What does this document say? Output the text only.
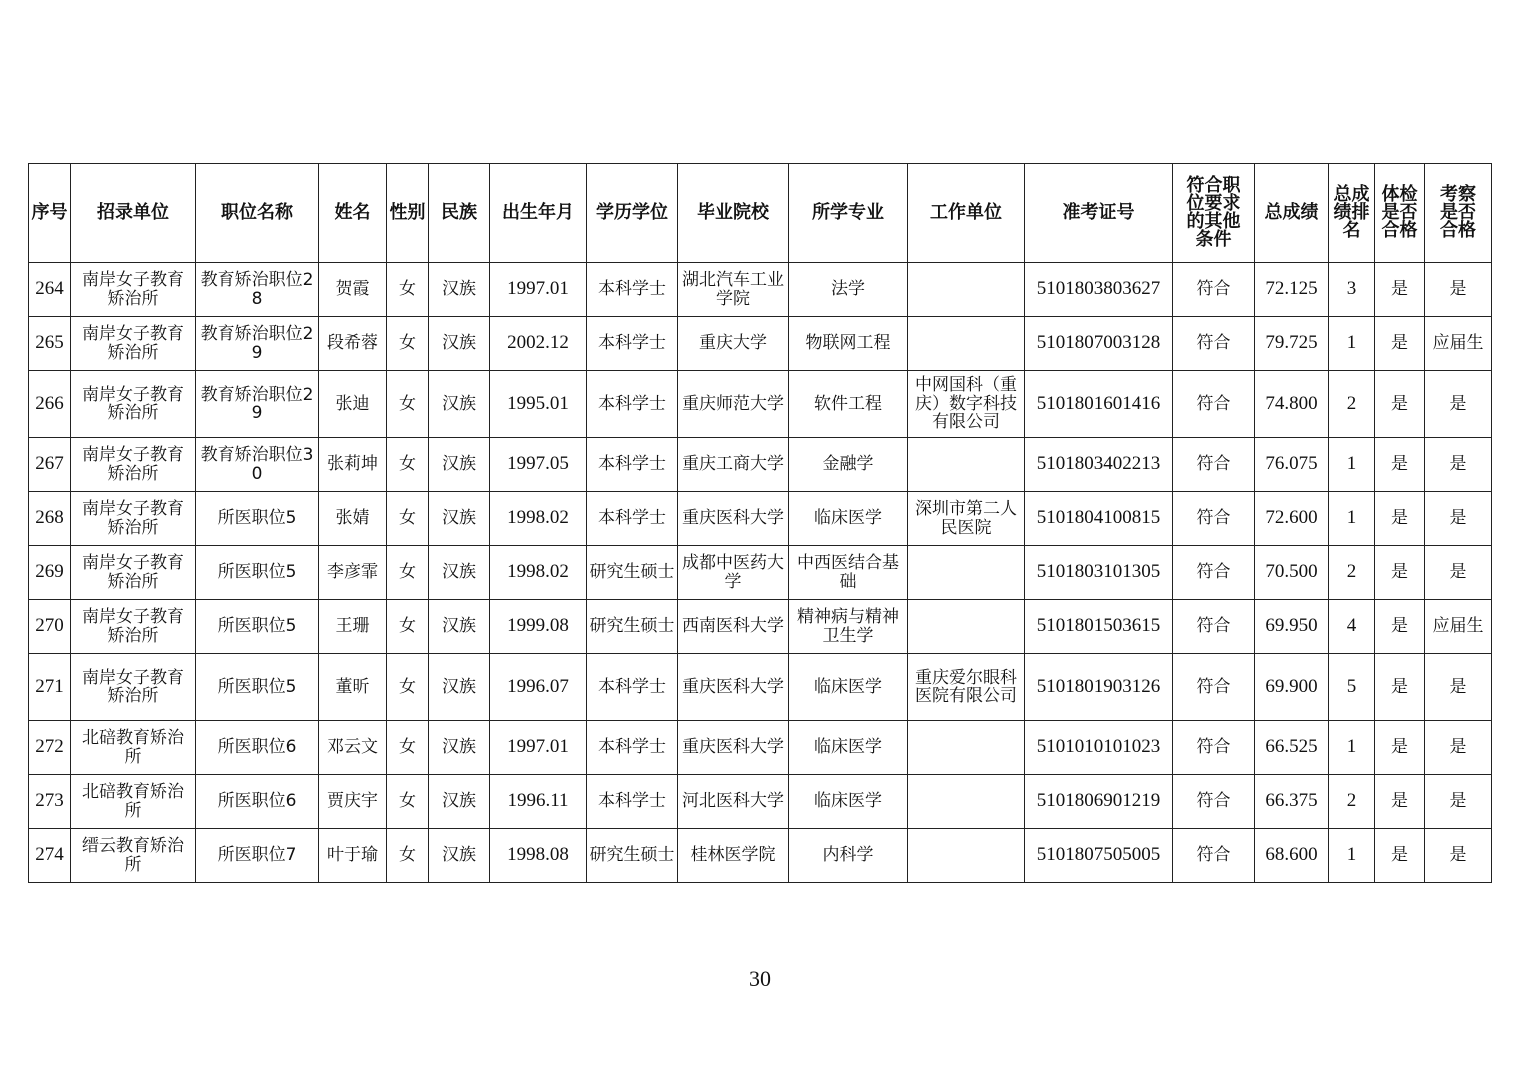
序号	招录单位	职位名称	姓名	性别	民族	出生年月	学历学位	毕业院校	所学专业	工作单位	准考证号	符合职位要求的其他条件	总成绩	总成绩排名	体检是否合格	考察是否合格
264	南岸女子教育矫治所	教育矫治职位28	贺霞	女	汉族	1997.01	本科学士	湖北汽车工业学院	法学		5101803803627	符合	72.125	3	是	是
265	南岸女子教育矫治所	教育矫治职位29	段希蓉	女	汉族	2002.12	本科学士	重庆大学	物联网工程		5101807003128	符合	79.725	1	是	应届生
266	南岸女子教育矫治所	教育矫治职位29	张迪	女	汉族	1995.01	本科学士	重庆师范大学	软件工程	中网国科（重庆）数字科技有限公司	5101801601416	符合	74.800	2	是	是
267	南岸女子教育矫治所	教育矫治职位30	张莉坤	女	汉族	1997.05	本科学士	重庆工商大学	金融学		5101803402213	符合	76.075	1	是	是
268	南岸女子教育矫治所	所医职位5	张婧	女	汉族	1998.02	本科学士	重庆医科大学	临床医学	深圳市第二人民医院	5101804100815	符合	72.600	1	是	是
269	南岸女子教育矫治所	所医职位5	李彦霏	女	汉族	1998.02	研究生硕士	成都中医药大学	中西医结合基础		5101803101305	符合	70.500	2	是	是
270	南岸女子教育矫治所	所医职位5	王珊	女	汉族	1999.08	研究生硕士	西南医科大学	精神病与精神卫生学		5101801503615	符合	69.950	4	是	应届生
271	南岸女子教育矫治所	所医职位5	董昕	女	汉族	1996.07	本科学士	重庆医科大学	临床医学	重庆爱尔眼科医院有限公司	5101801903126	符合	69.900	5	是	是
272	北碚教育矫治所	所医职位6	邓云文	女	汉族	1997.01	本科学士	重庆医科大学	临床医学		5101010101023	符合	66.525	1	是	是
273	北碚教育矫治所	所医职位6	贾庆宇	女	汉族	1996.11	本科学士	河北医科大学	临床医学		5101806901219	符合	66.375	2	是	是
274	缙云教育矫治所	所医职位7	叶于瑜	女	汉族	1998.08	研究生硕士	桂林医学院	内科学		5101807505005	符合	68.600	1	是	是
30
